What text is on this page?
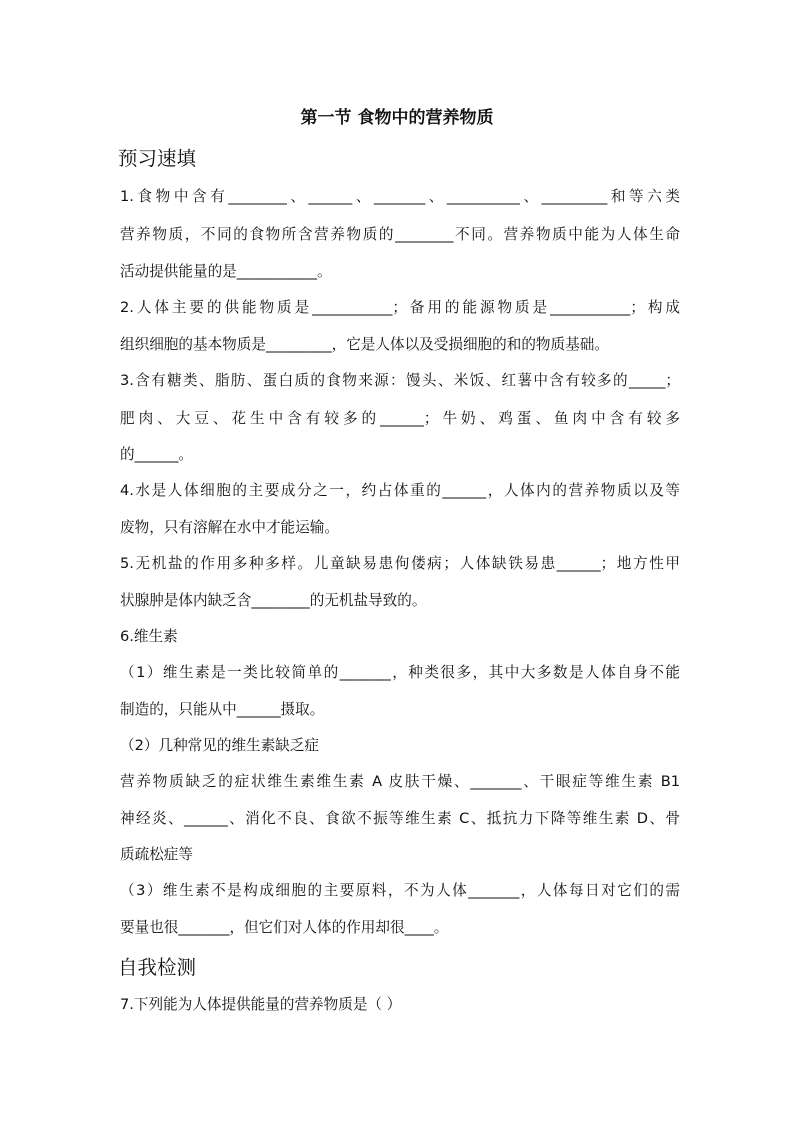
第一节 食物中的营养物质
预习速填
1.食物中含有________、______、_______、__________、_________和等六类
营养物质，不同的食物所含营养物质的________不同。营养物质中能为人体生命
活动提供能量的是___________。
2.人体主要的供能物质是___________；备用的能源物质是___________；构成
组织细胞的基本物质是_________，它是人体以及受损细胞的和的物质基础。
3.含有糖类、脂肪、蛋白质的食物来源：馒头、米饭、红薯中含有较多的_____；
肥肉、大豆、花生中含有较多的______；牛奶、鸡蛋、鱼肉中含有较多
的______。
4.水是人体细胞的主要成分之一，约占体重的______，人体内的营养物质以及等
废物，只有溶解在水中才能运输。
5.无机盐的作用多种多样。儿童缺易患佝偻病；人体缺铁易患______；地方性甲
状腺肿是体内缺乏含________的无机盐导致的。
6.维生素
（1）维生素是一类比较简单的_______，种类很多，其中大多数是人体自身不能
制造的，只能从中______摄取。
（2）几种常见的维生素缺乏症
营养物质缺乏的症状维生素维生素 A 皮肤干燥、_______、干眼症等维生素 B1
神经炎、______、消化不良、食欲不振等维生素 C、抵抗力下降等维生素 D、骨
质疏松症等
（3）维生素不是构成细胞的主要原料，不为人体_______，人体每日对它们的需
要量也很_______，但它们对人体的作用却很____。
自我检测
7.下列能为人体提供能量的营养物质是（ ）
